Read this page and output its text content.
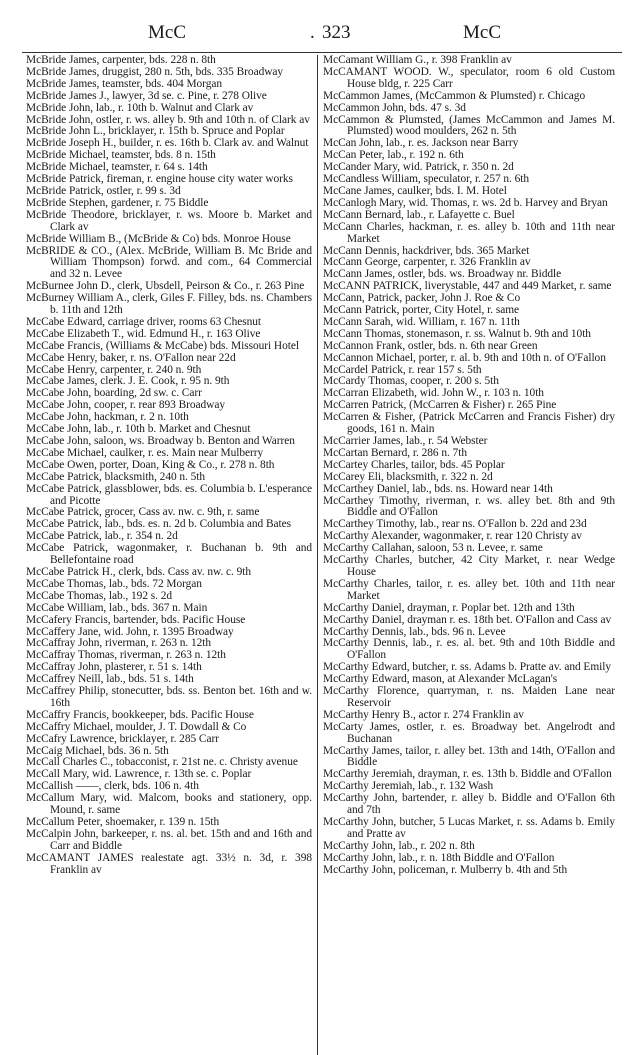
McC	. 323	McC

McBride James, carpenter, bds. 228 n. 8th

McBride James, druggist, 280 n. 5th, bds. 335 Broadway

McBride James, teamster, bds. 404 Morgan

McBride James J., lawyer, 3d se. c. Pine, r. 278 Olive

McBride John, lab., r. 10th b. Walnut and Clark av

McBride John, ostler, r. ws. alley b. 9th and 10th n. of Clark av

McBride John L., bricklayer, r. 15th b. Spruce and Poplar

McBride Joseph H., builder, r. es. 16th b. Clark av. and Walnut

McBride Michael, teamster, bds. 8 n. 15th

McBride Michael, teamster, r. 64 s. 14th

McBride Patrick, fireman, r. engine house city water works

McBride Patrick, ostler, r. 99 s. 3d

McBride Stephen, gardener, r. 75 Biddle

McBride Theodore, bricklayer, r. ws. Moore b. Market and Clark av

McBride William B., (McBride & Co) bds. Monroe House

McBRIDE & CO., (Alex. McBride, William B. Mc Bride and William Thompson) forwd. and com., 64 Commercial and 32 n. Levee

McBurnee John D., clerk, Ubsdell, Peirson & Co., r. 263 Pine

McBurney William A., clerk, Giles F. Filley, bds. ns. Chambers b. 11th and 12th

McCabe Edward, carriage driver, rooms 63 Chesnut

McCabe Elizabeth T., wid. Edmund H., r. 163 Olive

McCabe Francis, (Williams & McCabe) bds. Missouri Hotel

McCabe Henry, baker, r. ns. O'Fallon near 22d

McCabe Henry, carpenter, r. 240 n. 9th

McCabe James, clerk. J. E. Cook, r. 95 n. 9th

McCabe John, boarding, 2d sw. c. Carr

McCabe John, cooper, r. rear 893 Broadway

McCabe John, hackman, r. 2 n. 10th

McCabe John, lab., r. 10th b. Market and Chesnut

McCabe John, saloon, ws. Broadway b. Benton and Warren

McCabe Michael, caulker, r. es. Main near Mulberry

McCabe Owen, porter, Doan, King & Co., r. 278 n. 8th

McCabe Patrick, blacksmith, 240 n. 5th

McCabe Patrick, glassblower, bds. es. Columbia b. L'esperance and Picotte

McCabe Patrick, grocer, Cass av. nw. c. 9th, r. same

McCabe Patrick, lab., bds. es. n. 2d b. Columbia and Bates

McCabe Patrick, lab., r. 354 n. 2d

McCabe Patrick, wagonmaker, r. Buchanan b. 9th and Bellefontaine road

McCabe Patrick H., clerk, bds. Cass av. nw. c. 9th

McCabe Thomas, lab., bds. 72 Morgan

McCabe Thomas, lab., 192 s. 2d

McCabe William, lab., bds. 367 n. Main

McCafery Francis, bartender, bds. Pacific House

McCaffery Jane, wid. John, r. 1395 Broadway

McCaffray John, riverman, r. 263 n. 12th

McCaffray Thomas, riverman, r. 263 n. 12th

McCaffray John, plasterer, r. 51 s. 14th

McCaffrey Neill, lab., bds. 51 s. 14th

McCaffrey Philip, stonecutter, bds. ss. Benton bet. 16th and w. 16th

McCaffry Francis, bookkeeper, bds. Pacific House

McCaffry Michael, moulder, J. T. Dowdall & Co

McCafry Lawrence, bricklayer, r. 285 Carr

McCaig Michael, bds. 36 n. 5th

McCall Charles C., tobacconist, r. 21st ne. c. Christy avenue

McCall Mary, wid. Lawrence, r. 13th se. c. Poplar

McCallish ——, clerk, bds. 106 n. 4th

McCallum Mary, wid. Malcom, books and stationery, opp. Mound, r. same

McCallum Peter, shoemaker, r. 139 n. 15th

McCalpin John, barkeeper, r. ns. al. bet. 15th and and 16th and Carr and Biddle

McCAMANT JAMES realestate agt. 33½ n. 3d, r. 398 Franklin av

McCamant William G., r. 398 Franklin av

McCAMANT WOOD. W., speculator, room 6 old Custom House bldg, r. 225 Carr

McCammon James, (McCammon & Plumsted) r. Chicago

McCammon John, bds. 47 s. 3d

McCammon & Plumsted, (James McCammon and James M. Plumsted) wood moulders, 262 n. 5th

McCan John, lab., r. es. Jackson near Barry

McCan Peter, lab., r. 192 n. 6th

McCander Mary, wid. Patrick, r. 350 n. 2d

McCandless William, speculator, r. 257 n. 6th

McCane James, caulker, bds. I. M. Hotel

McCanlogh Mary, wid. Thomas, r. ws. 2d b. Harvey and Bryan

McCann Bernard, lab., r. Lafayette c. Buel

McCann Charles, hackman, r. es. alley b. 10th and 11th near Market

McCann Dennis, hackdriver, bds. 365 Market

McCann George, carpenter, r. 326 Franklin av

McCann James, ostler, bds. ws. Broadway nr. Biddle

McCANN PATRICK, liverystable, 447 and 449 Market, r. same

McCann, Patrick, packer, John J. Roe & Co

McCann Patrick, porter, City Hotel, r. same

McCann Sarah, wid. William, r. 167 n. 11th

McCann Thomas, stonemason, r. ss. Walnut b. 9th and 10th

McCannon Frank, ostler, bds. n. 6th near Green

McCannon Michael, porter, r. al. b. 9th and 10th n. of O'Fallon

McCardel Patrick, r. rear 157 s. 5th

McCardy Thomas, cooper, r. 200 s. 5th

McCarran Elizabeth, wid. John W., r. 103 n. 10th

McCarren Patrick, (McCarren & Fisher) r. 265 Pine

McCarren & Fisher, (Patrick McCarren and Francis Fisher) dry goods, 161 n. Main

McCarrier James, lab., r. 54 Webster

McCartan Bernard, r. 286 n. 7th

McCartey Charles, tailor, bds. 45 Poplar

McCarey Eli, blacksmith, r. 322 n. 2d

McCarthey Daniel, lab., bds. ns. Howard near 14th

McCarthey Timothy, riverman, r. ws. alley bet. 8th and 9th Biddle and O'Fallon

McCarthey Timothy, lab., rear ns. O'Fallon b. 22d and 23d

McCarthy Alexander, wagonmaker, r. rear 120 Christy av

McCarthy Callahan, saloon, 53 n. Levee, r. same

McCarthy Charles, butcher, 42 City Market, r. near Wedge House

McCarthy Charles, tailor, r. es. alley bet. 10th and 11th near Market

McCarthy Daniel, drayman, r. Poplar bet. 12th and 13th

McCarthy Daniel, drayman r. es. 18th bet. O'Fallon and Cass av

McCarthy Dennis, lab., bds. 96 n. Levee

McCarthy Dennis, lab., r. es. al. bet. 9th and 10th Biddle and O'Fallon

McCarthy Edward, butcher, r. ss. Adams b. Pratte av. and Emily

McCarthy Edward, mason, at Alexander McLagan's

McCarthy Florence, quarryman, r. ns. Maiden Lane near Reservoir

McCarthy Henry B., actor r. 274 Franklin av

McCarty James, ostler, r. es. Broadway bet. Angelrodt and Buchanan

McCarthy James, tailor, r. alley bet. 13th and 14th, O'Fallon and Biddle

McCarthy Jeremiah, drayman, r. es. 13th b. Biddle and O'Fallon

McCarthy Jeremiah, lab., r. 132 Wash

McCarthy John, bartender, r. alley b. Biddle and O'Fallon 6th and 7th

McCarthy John, butcher, 5 Lucas Market, r. ss. Adams b. Emily and Pratte av

McCarthy John, lab., r. 202 n. 8th

McCarthy John, lab., r. n. 18th Biddle and O'Fallon

McCarthy John, policeman, r. Mulberry b. 4th and 5th
